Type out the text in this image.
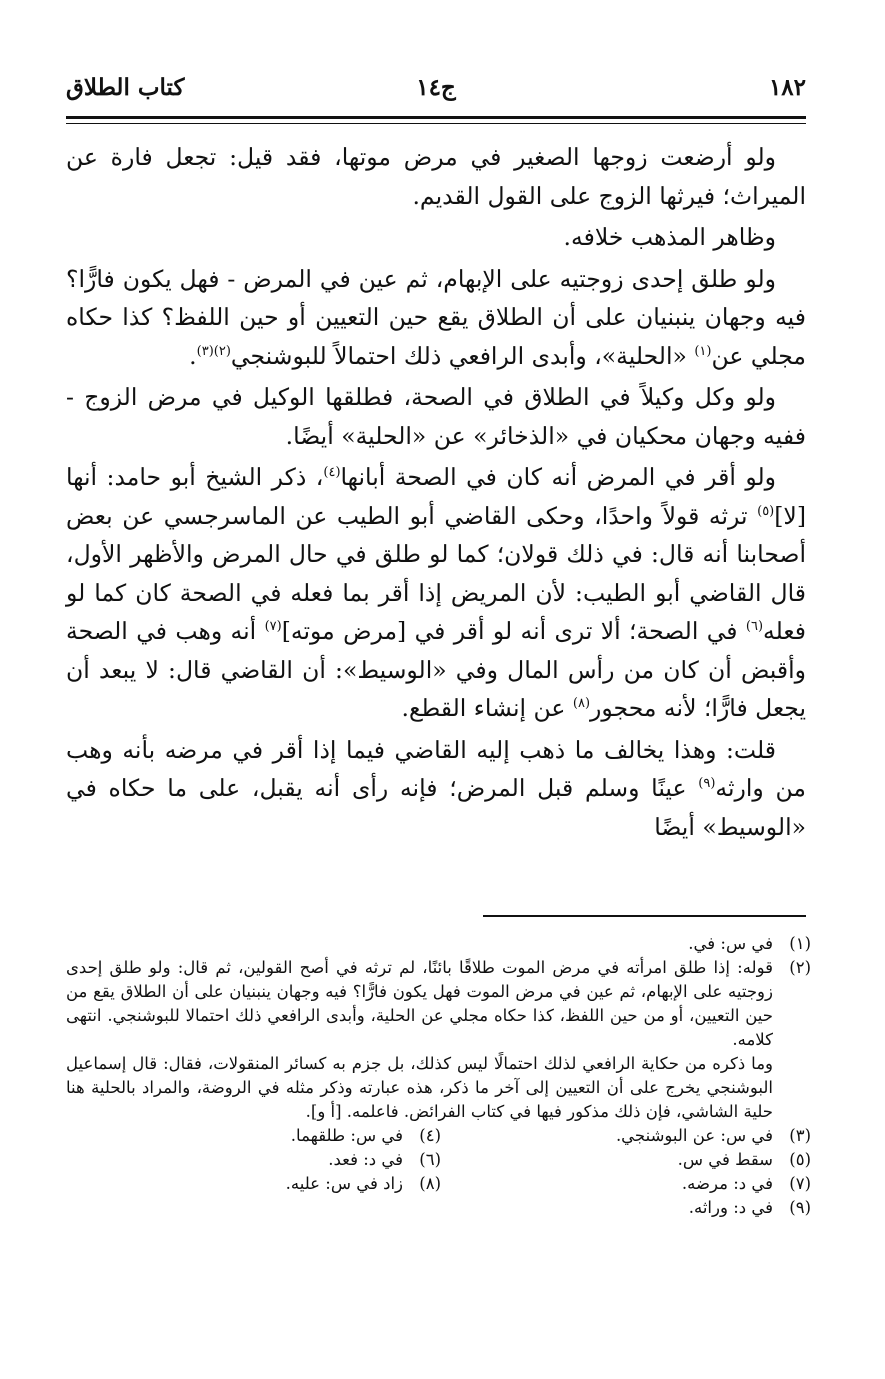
كتاب الطلاق	ج١٤	١٨٢

ولو أرضعت زوجها الصغير في مرض موتها، فقد قيل: تجعل فارة عن الميراث؛ فيرثها الزوج على القول القديم.

وظاهر المذهب خلافه.

ولو طلق إحدى زوجتيه على الإبهام، ثم عين في المرض - فهل يكون فارًّا؟ فيه وجهان ينبنيان على أن الطلاق يقع حين التعيين أو حين اللفظ؟ كذا حكاه مجلي عن$^{(١)}$ «الحلية»، وأبدى الرافعي ذلك احتمالاً للبوشنجي$^{(٢)(٣)}$.

ولو وكل وكيلاً في الطلاق في الصحة، فطلقها الوكيل في مرض الزوج - ففيه وجهان محكيان في «الذخائر» عن «الحلية» أيضًا.

ولو أقر في المرض أنه كان في الصحة أبانها$^{(٤)}$، ذكر الشيخ أبو حامد: أنها [لا]$^{(٥)}$ ترثه قولاً واحدًا، وحكى القاضي أبو الطيب عن الماسرجسي عن بعض أصحابنا أنه قال: في ذلك قولان؛ كما لو طلق في حال المرض والأظهر الأول، قال القاضي أبو الطيب: لأن المريض إذا أقر بما فعله في الصحة كان كما لو فعله$^{(٦)}$ في الصحة؛ ألا ترى أنه لو أقر في [مرض موته]$^{(٧)}$ أنه وهب في الصحة وأقبض أن كان من رأس المال وفي «الوسيط»: أن القاضي قال: لا يبعد أن يجعل فارًّا؛ لأنه محجور$^{(٨)}$ عن إنشاء القطع.

قلت: وهذا يخالف ما ذهب إليه القاضي فيما إذا أقر في مرضه بأنه وهب من وارثه$^{(٩)}$ عينًا وسلم قبل المرض؛ فإنه رأى أنه يقبل، على ما حكاه في «الوسيط» أيضًا

(١)
في س: في.
(٢)

قوله: إذا طلق امرأته في مرض الموت طلاقًا بائنًا، لم ترثه في أصح القولين، ثم قال: ولو طلق إحدى زوجتيه على الإبهام، ثم عين في مرض الموت فهل يكون فارًّا؟ فيه وجهان ينبنيان على أن الطلاق يقع من حين التعيين، أو من حين اللفظ، كذا حكاه مجلي عن الحلية، وأبدى الرافعي ذلك احتمالا للبوشنجي. انتهى كلامه.

وما ذكره من حكاية الرافعي لذلك احتمالًا ليس كذلك، بل جزم به كسائر المنقولات، فقال: قال إسماعيل البوشنجي يخرج على أن التعيين إلى آخر ما ذكر، هذه عبارته وذكر مثله في الروضة، والمراد بالحلية هنا حلية الشاشي، فإن ذلك مذكور فيها في كتاب الفرائض. فاعلمه. [أ و].

(٣)
في س: عن البوشنجي.
(٤)
في س: طلقهما.
(٥)
سقط في س.
(٦)
في د: فعد.
(٧)
في د: مرضه.
(٨)
زاد في س: عليه.
(٩)
في د: وراثه.
